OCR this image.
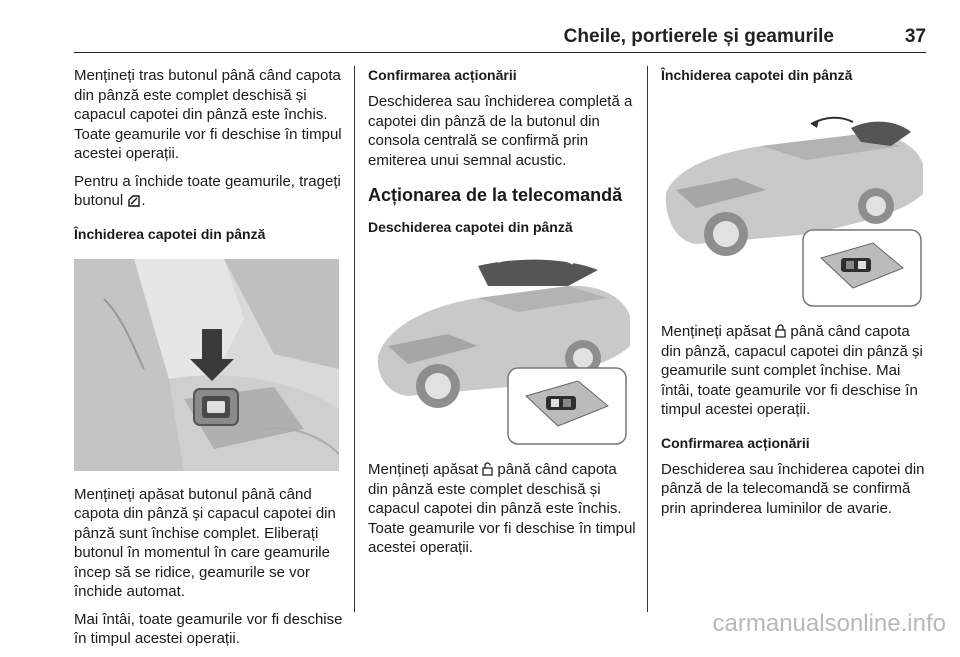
Cheile, portierele și geamurile	37

Mențineți tras butonul până când capota din pânză este complet deschisă și capacul capotei din pânză este închis. Toate geamurile vor fi deschise în timpul acestei operații.

Pentru a închide toate geamurile, trageți butonul .

Închiderea capotei din pânză

Mențineți apăsat butonul până când capota din pânză și capacul capotei din pânză sunt închise complet. Eliberați butonul în momentul în care geamurile încep să se ridice, geamurile se vor închide automat.

Mai întâi, toate geamurile vor fi deschise în timpul acestei operații.

Confirmarea acționării

Deschiderea sau închiderea completă a capotei din pânză de la butonul din consola centrală se confirmă prin emiterea unui semnal acustic.

Acționarea de la telecomandă
Deschiderea capotei din pânză

Mențineți apăsat până când capota din pânză este complet deschisă și capacul capotei din pânză este închis. Toate geamurile vor fi deschise în timpul acestei operații.

Închiderea capotei din pânză

Mențineți apăsat până când capota din pânză, capacul capotei din pânză și geamurile sunt complet închise. Mai întâi, toate geamurile vor fi deschise în timpul acestei operații.

Confirmarea acționării

Deschiderea sau închiderea capotei din pânză de la telecomandă se confirmă prin aprinderea luminilor de avarie.

carmanualsonline.info
